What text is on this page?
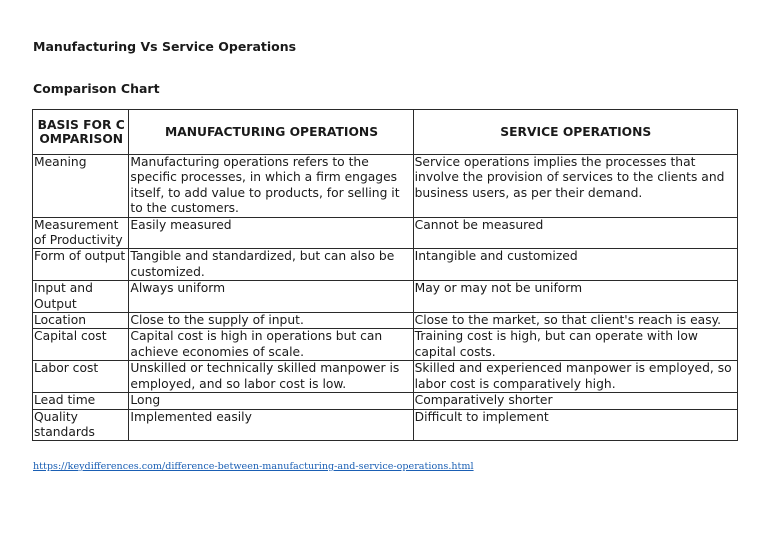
Manufacturing Vs Service Operations
Comparison Chart
BASIS FOR COMPARISON	MANUFACTURING OPERATIONS	SERVICE OPERATIONS
Meaning	Manufacturing operations refers to the specific processes, in which a firm engages itself, to add value to products, for selling it to the customers.	Service operations implies the processes that involve the provision of services to the clients and business users, as per their demand.
Measurement of Productivity	Easily measured	Cannot be measured
Form of output	Tangible and standardized, but can also be customized.	Intangible and customized
Input and Output	Always uniform	May or may not be uniform
Location	Close to the supply of input.	Close to the market, so that client's reach is easy.
Capital cost	Capital cost is high in operations but can achieve economies of scale.	Training cost is high, but can operate with low capital costs.
Labor cost	Unskilled or technically skilled manpower is employed, and so labor cost is low.	Skilled and experienced manpower is employed, so labor cost is comparatively high.
Lead time	Long	Comparatively shorter
Quality standards	Implemented easily	Difficult to implement
https://keydifferences.com/difference-between-manufacturing-and-service-operations.html
